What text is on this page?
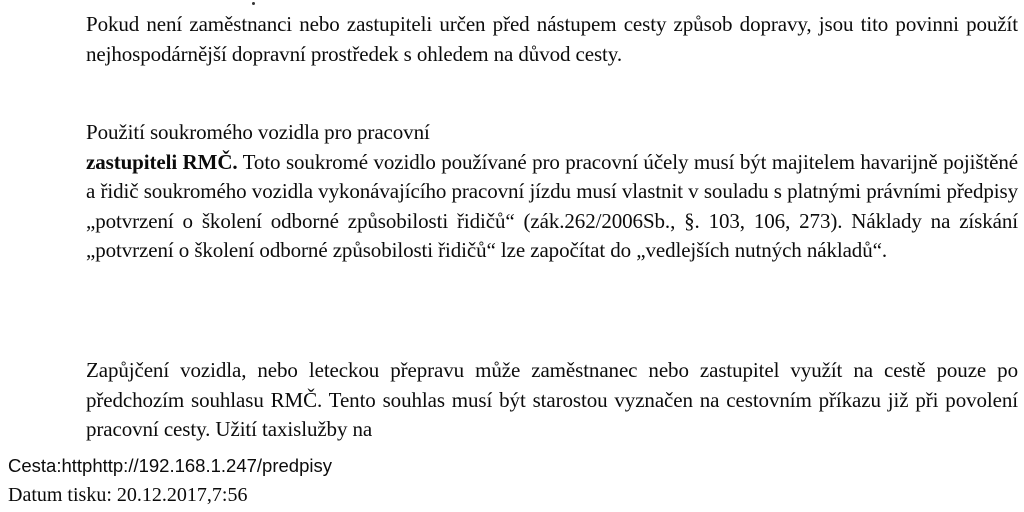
Pokud není zaměstnanci nebo zastupiteli určen před nástupem cesty způsob dopravy, jsou tito povinni použít nejhospodárnější dopravní prostředek s ohledem na důvod cesty.
Použití soukromého vozidla pro pracovní
zastupiteli RMČ. Toto soukromé vozidlo používané pro pracovní účely musí být majitelem havarijně pojištěné a řidič soukromého vozidla vykonávajícího pracovní jízdu musí vlastnit v souladu s platnými právními předpisy „potvrzení o školení odborné způsobilosti řidičů“ (zák.262/2006Sb., §. 103, 106, 273). Náklady na získání „potvrzení o školení odborné způsobilosti řidičů“ lze započítat do „vedlejších nutných nákladů“.
Zapůjčení vozidla, nebo leteckou přepravu může zaměstnanec nebo zastupitel využít na cestě pouze po předchozím souhlasu RMČ. Tento souhlas musí být starostou vyznačen na cestovním příkazu již při povolení pracovní cesty. Užití taxislužby na
Cesta:httphttp://192.168.1.247/predpisy
Datum tisku: 20.12.2017,7:56
